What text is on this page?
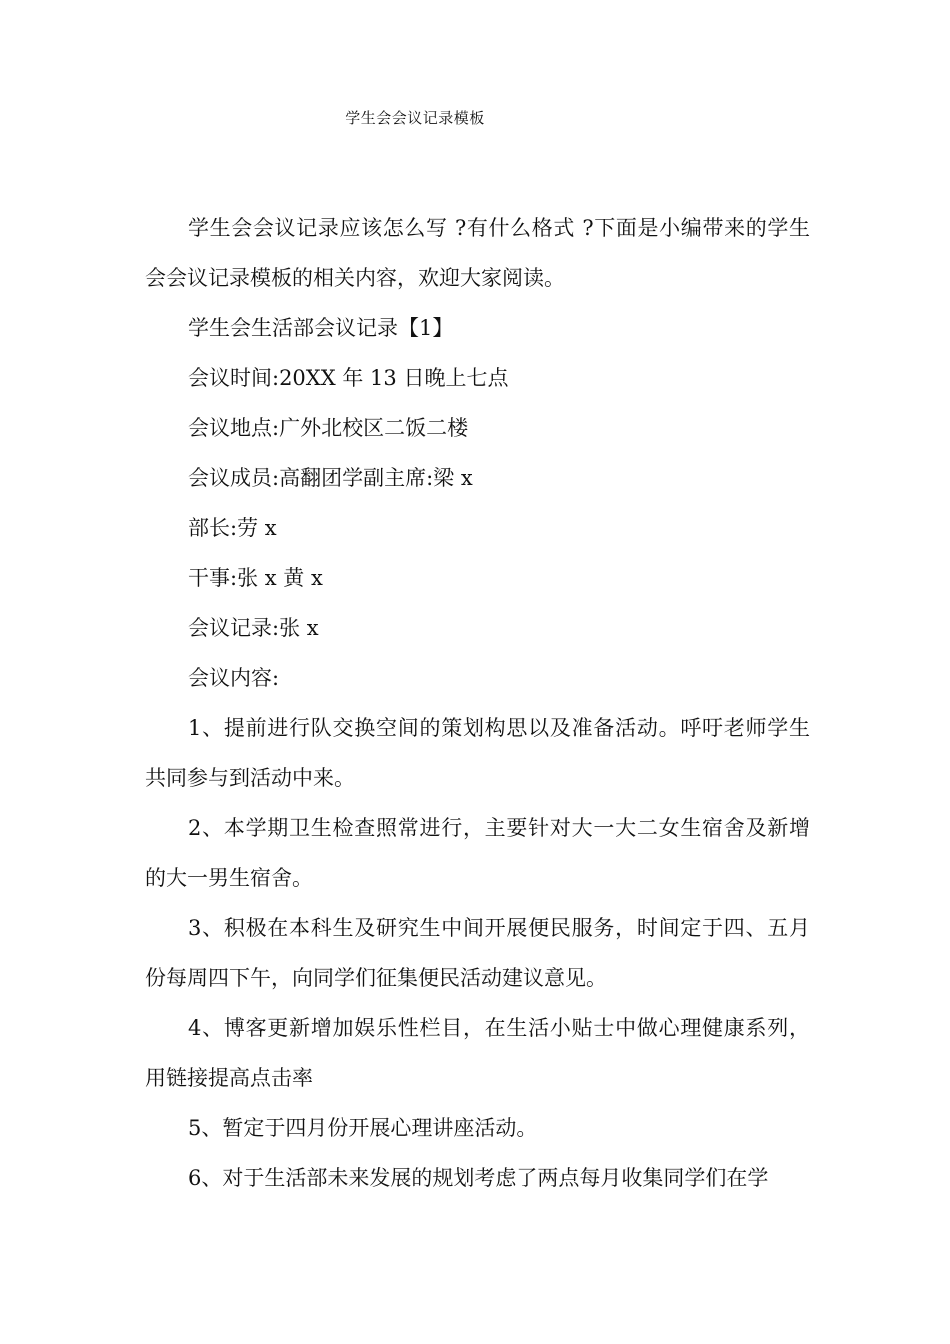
学生会会议记录模板

学生会会议记录应该怎么写 ?有什么格式 ?下面是小编带来的学生会会议记录模板的相关内容，欢迎大家阅读。

学生会生活部会议记录【1】

会议时间:20XX 年 13 日晚上七点

会议地点:广外北校区二饭二楼

会议成员:高翻团学副主席:梁 x

部长:劳 x

干事:张 x 黄 x

会议记录:张 x

会议内容:

1、提前进行队交换空间的策划构思以及准备活动。呼吁老师学生共同参与到活动中来。

2、本学期卫生检查照常进行，主要针对大一大二女生宿舍及新增的大一男生宿舍。

3、积极在本科生及研究生中间开展便民服务，时间定于四、五月份每周四下午，向同学们征集便民活动建议意见。

4、博客更新增加娱乐性栏目，在生活小贴士中做心理健康系列，用链接提高点击率

5、暂定于四月份开展心理讲座活动。

6、对于生活部未来发展的规划考虑了两点每月收集同学们在学
